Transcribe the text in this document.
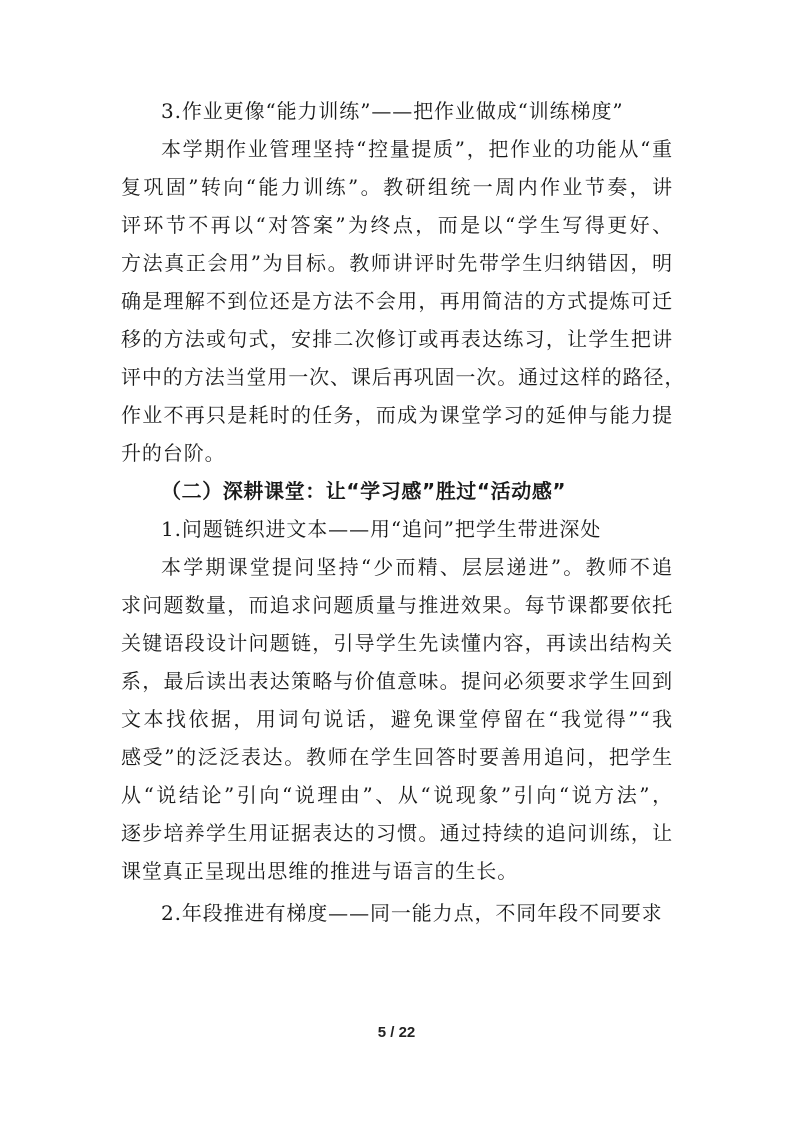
3.作业更像“能力训练”——把作业做成“训练梯度”
本学期作业管理坚持“控量提质”，把作业的功能从“重
复巩固”转向“能力训练”。教研组统一周内作业节奏，讲
评环节不再以“对答案”为终点，而是以“学生写得更好、
方法真正会用”为目标。教师讲评时先带学生归纳错因，明
确是理解不到位还是方法不会用，再用简洁的方式提炼可迁
移的方法或句式，安排二次修订或再表达练习，让学生把讲
评中的方法当堂用一次、课后再巩固一次。通过这样的路径，
作业不再只是耗时的任务，而成为课堂学习的延伸与能力提
升的台阶。
（二）深耕课堂：让“学习感”胜过“活动感”
1.问题链织进文本——用“追问”把学生带进深处
本学期课堂提问坚持“少而精、层层递进”。教师不追
求问题数量，而追求问题质量与推进效果。每节课都要依托
关键语段设计问题链，引导学生先读懂内容，再读出结构关
系，最后读出表达策略与价值意味。提问必须要求学生回到
文本找依据，用词句说话，避免课堂停留在“我觉得”“我
感受”的泛泛表达。教师在学生回答时要善用追问，把学生
从“说结论”引向“说理由”、从“说现象”引向“说方法”，
逐步培养学生用证据表达的习惯。通过持续的追问训练，让
课堂真正呈现出思维的推进与语言的生长。
2.年段推进有梯度——同一能力点，不同年段不同要求
5 / 22
